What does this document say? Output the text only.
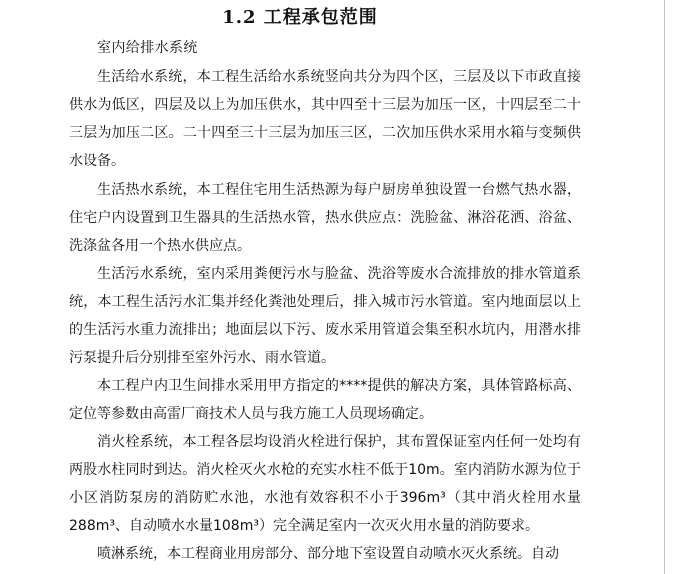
1.2 工程承包范围
室内给排水系统

生活给水系统，本工程生活给水系统竖向共分为四个区，三层及以下市政直接供水为低区，四层及以上为加压供水，其中四至十三层为加压一区，十四层至二十三层为加压二区。二十四至三十三层为加压三区，二次加压供水采用水箱与变频供水设备。

生活热水系统，本工程住宅用生活热源为每户厨房单独设置一台燃气热水器，住宅户内设置到卫生器具的生活热水管，热水供应点：洗脸盆、淋浴花洒、浴盆、洗涤盆各用一个热水供应点。

生活污水系统，室内采用粪便污水与脸盆、洗浴等废水合流排放的排水管道系统，本工程生活污水汇集并经化粪池处理后，排入城市污水管道。室内地面层以上的生活污水重力流排出；地面层以下污、废水采用管道会集至积水坑内，用潜水排污泵提升后分别排至室外污水、雨水管道。

本工程户内卫生间排水采用甲方指定的****提供的解决方案，具体管路标高、定位等参数由高雷厂商技术人员与我方施工人员现场确定。

消火栓系统，本工程各层均设消火栓进行保护，其布置保证室内任何一处均有两股水柱同时到达。消火栓灭火水枪的充实水柱不低于10m。室内消防水源为位于小区消防泵房的消防贮水池，水池有效容积不小于396m³（其中消火栓用水量288m³、自动喷水水量108m³）完全满足室内一次灭火用水量的消防要求。

喷淋系统，本工程商业用房部分、部分地下室设置自动喷水灭火系统。自动
